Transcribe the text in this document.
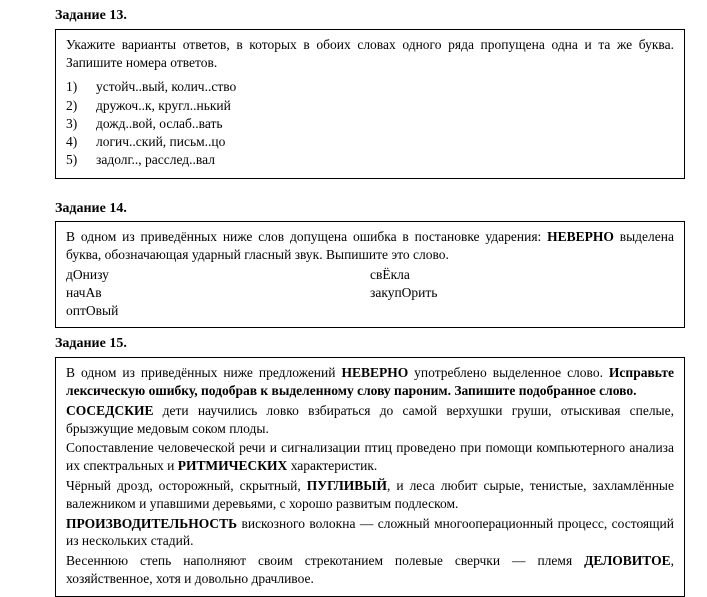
Задание 13.

Укажите варианты ответов, в которых в обоих словах одного ряда пропущена одна и та же буква. Запишите номера ответов.

1)	устойч..вый, колич..ство
2)	дружоч..к, кругл..нький
3)	дожд..вой, ослаб..вать
4)	логич..ский, письм..цо
5)	задолг.., расслед..вал
Задание 14.

В одном из приведённых ниже слов допущена ошибка в постановке ударения: НЕВЕРНО выделена буква, обозначающая ударный гласный звук. Выпишите это слово.

дОнизу	свЁкла
начАв	закупОрить
оптОвый
Задание 15.

В одном из приведённых ниже предложений НЕВЕРНО употреблено выделенное слово. Исправьте лексическую ошибку, подобрав к выделенному слову пароним. Запишите подобранное слово.

СОСЕДСКИЕ дети научились ловко взбираться до самой верхушки груши, отыскивая спелые, брызжущие медовым соком плоды.

Сопоставление человеческой речи и сигнализации птиц проведено при помощи компьютерного анализа их спектральных и РИТМИЧЕСКИХ характеристик.

Чёрный дрозд, осторожный, скрытный, ПУГЛИВЫЙ, и леса любит сырые, тенистые, захламлённые валежником и упавшими деревьями, с хорошо развитым подлеском.

ПРОИЗВОДИТЕЛЬНОСТЬ вискозного волокна — сложный многооперационный процесс, состоящий из нескольких стадий.

Весеннюю степь наполняют своим стрекотанием полевые сверчки — племя ДЕЛОВИТОЕ, хозяйственное, хотя и довольно драчливое.
